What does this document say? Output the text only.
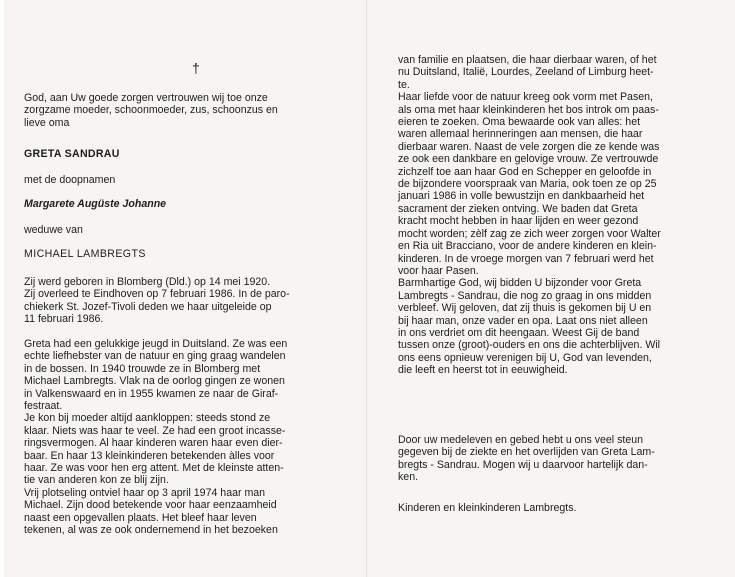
†
God, aan Uw goede zorgen vertrouwen wij toe onze
zorgzame moeder, schoonmoeder, zus, schoonzus en
lieve oma
GRETA SANDRAU
met de doopnamen
Margarete Augüste Johanne
weduwe van
MICHAEL LAMBREGTS
Zij werd geboren in Blomberg (Dld.) op 14 mei 1920.
Zij overleed te Eindhoven op 7 februari 1986. In de paro-
chiekerk St. Jozef-Tivoli deden we haar uitgeleide op
11 februari 1986.
Greta had een gelukkige jeugd in Duitsland. Ze was een
echte liefhebster van de natuur en ging graag wandelen
in de bossen. In 1940 trouwde ze in Blomberg met
Michael Lambregts. Vlak na de oorlog gingen ze wonen
in Valkenswaard en in 1955 kwamen ze naar de Giraf-
festraat.
Je kon bij moeder altijd aankloppen: steeds stond ze
klaar. Niets was haar te veel. Ze had een groot incasse-
ringsvermogen. Al haar kinderen waren haar even dier-
baar. En haar 13 kleinkinderen betekenden àlles voor
haar. Ze was voor hen erg attent. Met de kleinste atten-
tie van anderen kon ze blij zijn.
Vrij plotseling ontviel haar op 3 april 1974 haar man
Michael. Zijn dood betekende voor haar eenzaamheid
naast een opgevallen plaats. Het bleef haar leven
tekenen, al was ze ook ondernemend in het bezoeken
van familie en plaatsen, die haar dierbaar waren, of het
nu Duitsland, Italië, Lourdes, Zeeland of Limburg heet-
te.
Haar liefde voor de natuur kreeg ook vorm met Pasen,
als oma met haar kleinkinderen het bos introk om paas-
eieren te zoeken. Oma bewaarde ook van alles: het
waren allemaal herinneringen aan mensen, die haar
dierbaar waren. Naast de vele zorgen die ze kende was
ze ook een dankbare en gelovige vrouw. Ze vertrouwde
zichzelf toe aan haar God en Schepper en geloofde in
de bijzondere voorspraak van Maria, ook toen ze op 25
januari 1986 in volle bewustzijn en dankbaarheid het
sacrament der zieken ontving. We baden dat Greta
kracht mocht hebben in haar lijden en weer gezond
mocht worden; zèlf zag ze zich weer zorgen voor Walter
en Ria uit Bracciano, voor de andere kinderen en klein-
kinderen. In de vroege morgen van 7 februari werd het
voor haar Pasen.
Barmhartige God, wij bidden U bijzonder voor Greta
Lambregts - Sandrau, die nog zo graag in ons midden
verbleef. Wij geloven, dat zij thuis is gekomen bij U en
bij haar man, onze vader en opa. Laat ons niet alleen
in ons verdriet om dit heengaan. Weest Gij de band
tussen onze (groot)-ouders en ons die achterblijven. Wil
ons eens opnieuw verenigen bij U, God van levenden,
die leeft en heerst tot in eeuwigheid.
Door uw medeleven en gebed hebt u ons veel steun
gegeven bij de ziekte en het overlijden van Greta Lam-
bregts - Sandrau. Mogen wij u daarvoor hartelijk dan-
ken.
Kinderen en kleinkinderen Lambregts.
